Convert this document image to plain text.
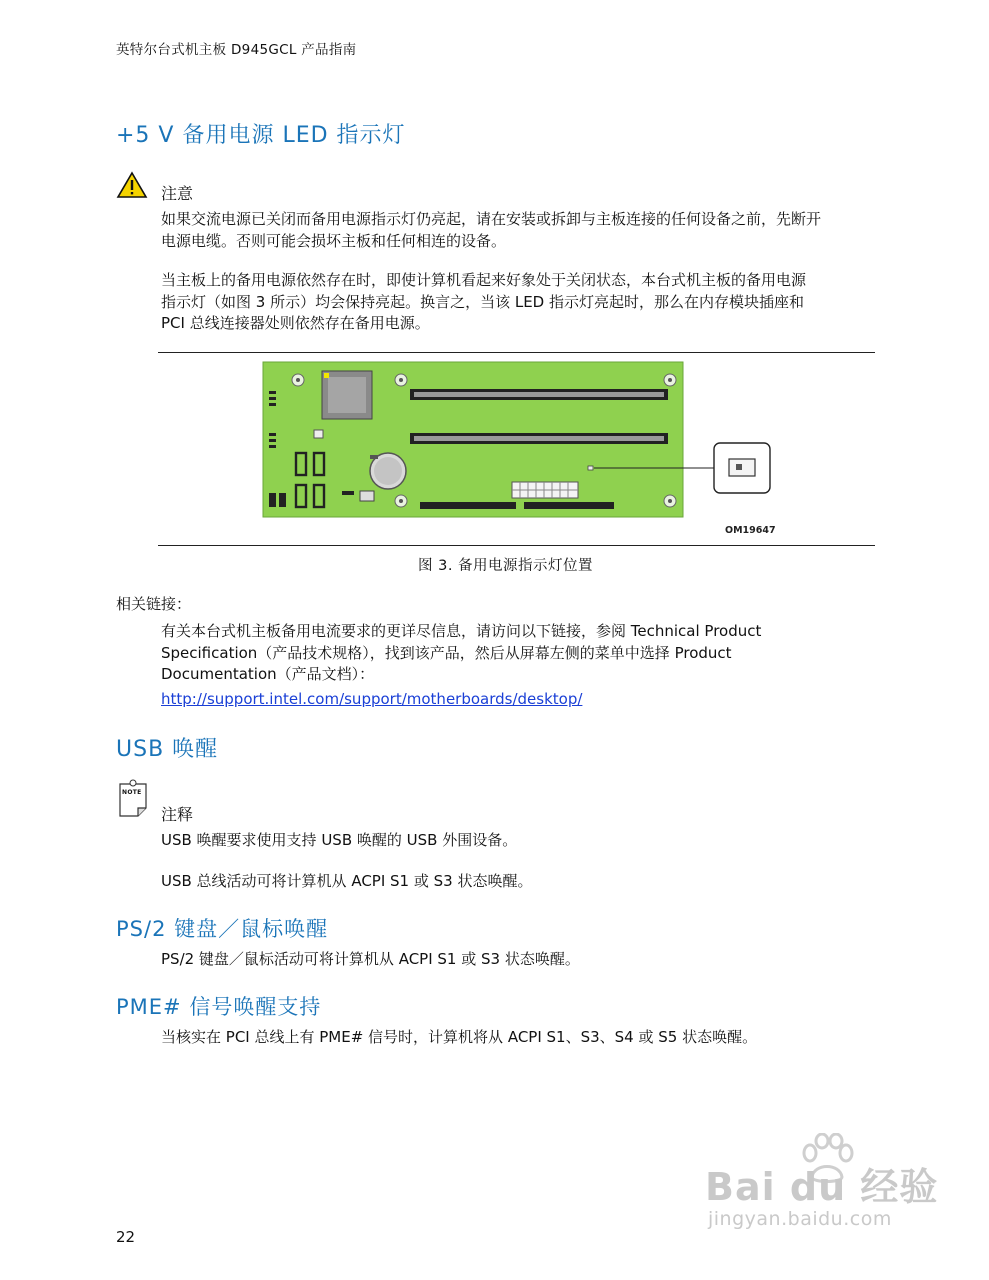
英特尔台式机主板 D945GCL 产品指南
+5 V 备用电源 LED 指示灯
注意
如果交流电源已关闭而备用电源指示灯仍亮起，请在安装或拆卸与主板连接的任何设备之前，先断开
电源电缆。否则可能会损坏主板和任何相连的设备。
当主板上的备用电源依然存在时，即使计算机看起来好象处于关闭状态，本台式机主板的备用电源
指示灯（如图 3 所示）均会保持亮起。换言之，当该 LED 指示灯亮起时，那么在内存模块插座和
PCI 总线连接器处则依然存在备用电源。
OM19647
图 3. 备用电源指示灯位置
相关链接：
有关本台式机主板备用电流要求的更详尽信息，请访问以下链接，参阅 Technical Product
Specification（产品技术规格），找到该产品，然后从屏幕左侧的菜单中选择 Product
Documentation（产品文档）：
http://support.intel.com/support/motherboards/desktop/
USB 唤醒
NOTE
注释
USB 唤醒要求使用支持 USB 唤醒的 USB 外围设备。
USB 总线活动可将计算机从 ACPI S1 或 S3 状态唤醒。
PS/2 键盘／鼠标唤醒
PS/2 键盘／鼠标活动可将计算机从 ACPI S1 或 S3 状态唤醒。
PME# 信号唤醒支持
当核实在 PCI 总线上有 PME# 信号时，计算机将从 ACPI S1、S3、S4 或 S5 状态唤醒。
22
Bai du 经验
jingyan.baidu.com
